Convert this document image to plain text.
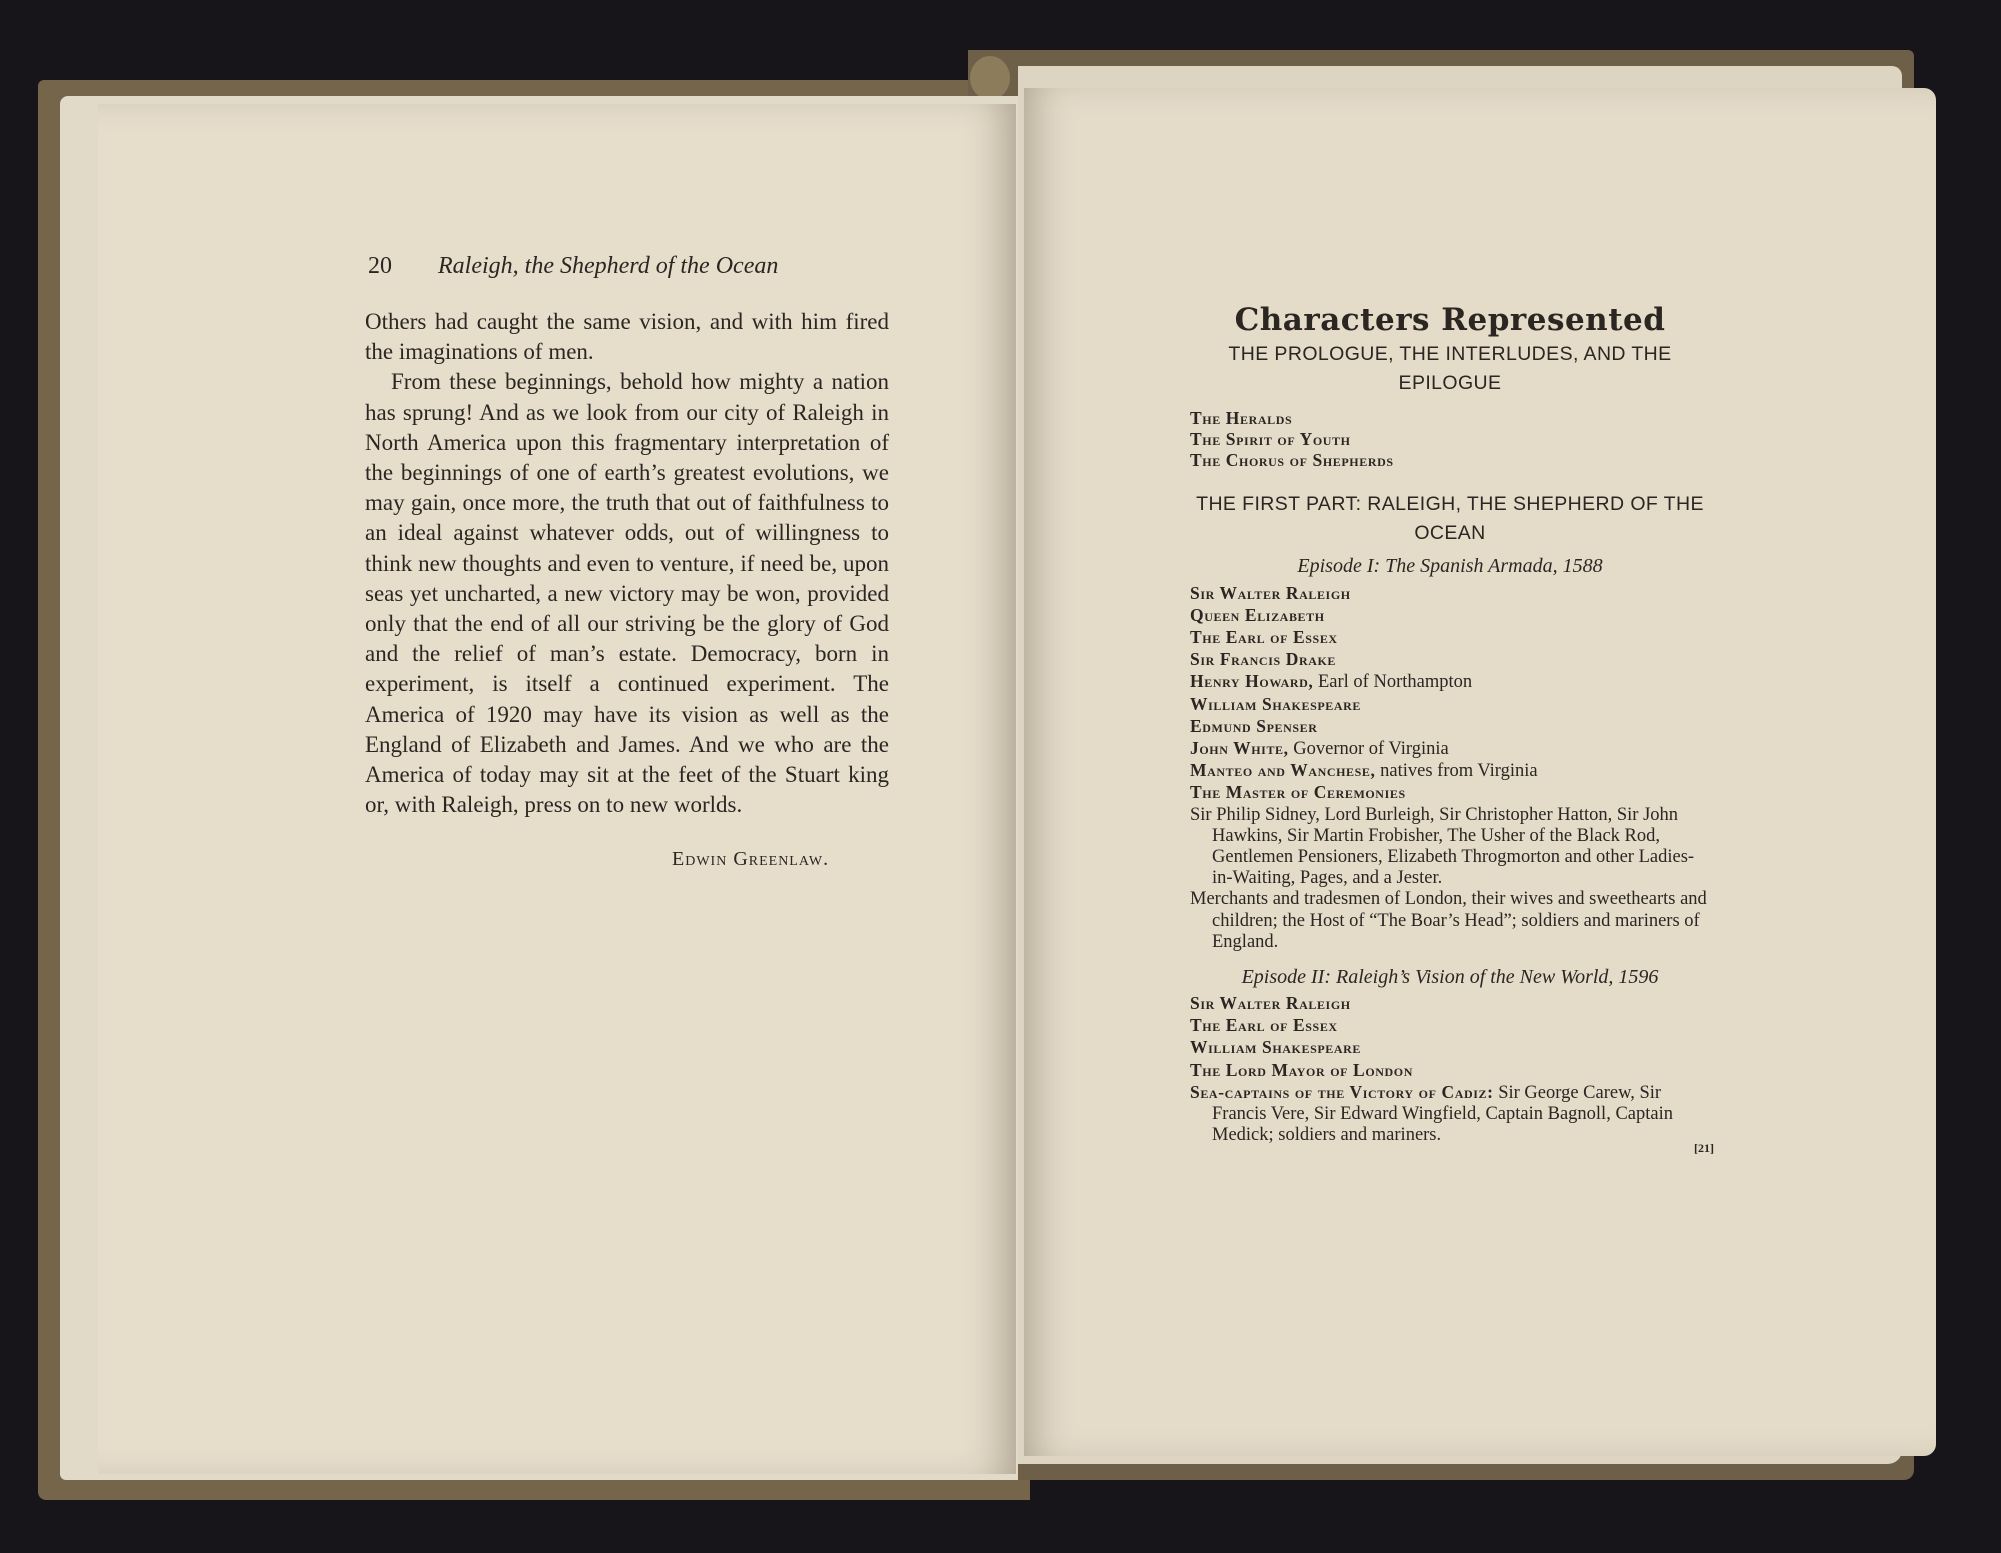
20 Raleigh, the Shepherd of the Ocean

Others had caught the same vision, and with him fired the imaginations of men.

From these beginnings, behold how mighty a nation has sprung! And as we look from our city of Raleigh in North America upon this fragmentary interpretation of the beginnings of one of earth’s greatest evolutions, we may gain, once more, the truth that out of faithfulness to an ideal against whatever odds, out of willingness to think new thoughts and even to venture, if need be, upon seas yet uncharted, a new victory may be won, provided only that the end of all our striving be the glory of God and the relief of man’s estate. Democracy, born in experiment, is itself a continued experiment. The America of 1920 may have its vision as well as the England of Elizabeth and James. And we who are the America of today may sit at the feet of the Stuart king or, with Raleigh, press on to new worlds.

Edwin Greenlaw.
Characters Represented
THE PROLOGUE, THE INTERLUDES, AND THE EPILOGUE
The Heralds
The Spirit of Youth
The Chorus of Shepherds
THE FIRST PART: RALEIGH, THE SHEPHERD OF THE OCEAN
Episode I: The Spanish Armada, 1588
Sir Walter Raleigh
Queen Elizabeth
The Earl of Essex
Sir Francis Drake
Henry Howard, Earl of Northampton
William Shakespeare
Edmund Spenser
John White, Governor of Virginia
Manteo and Wanchese, natives from Virginia
The Master of Ceremonies
Sir Philip Sidney, Lord Burleigh, Sir Christopher Hatton, Sir John Hawkins, Sir Martin Frobisher, The Usher of the Black Rod, Gentlemen Pensioners, Elizabeth Throgmorton and other Ladies-in-Waiting, Pages, and a Jester.
Merchants and tradesmen of London, their wives and sweethearts and children; the Host of “The Boar’s Head”; soldiers and mariners of England.
Episode II: Raleigh’s Vision of the New World, 1596
Sir Walter Raleigh
The Earl of Essex
William Shakespeare
The Lord Mayor of London
Sea-captains of the Victory of Cadiz: Sir George Carew, Sir Francis Vere, Sir Edward Wingfield, Captain Bagnoll, Captain Medick; soldiers and mariners.
[21]
